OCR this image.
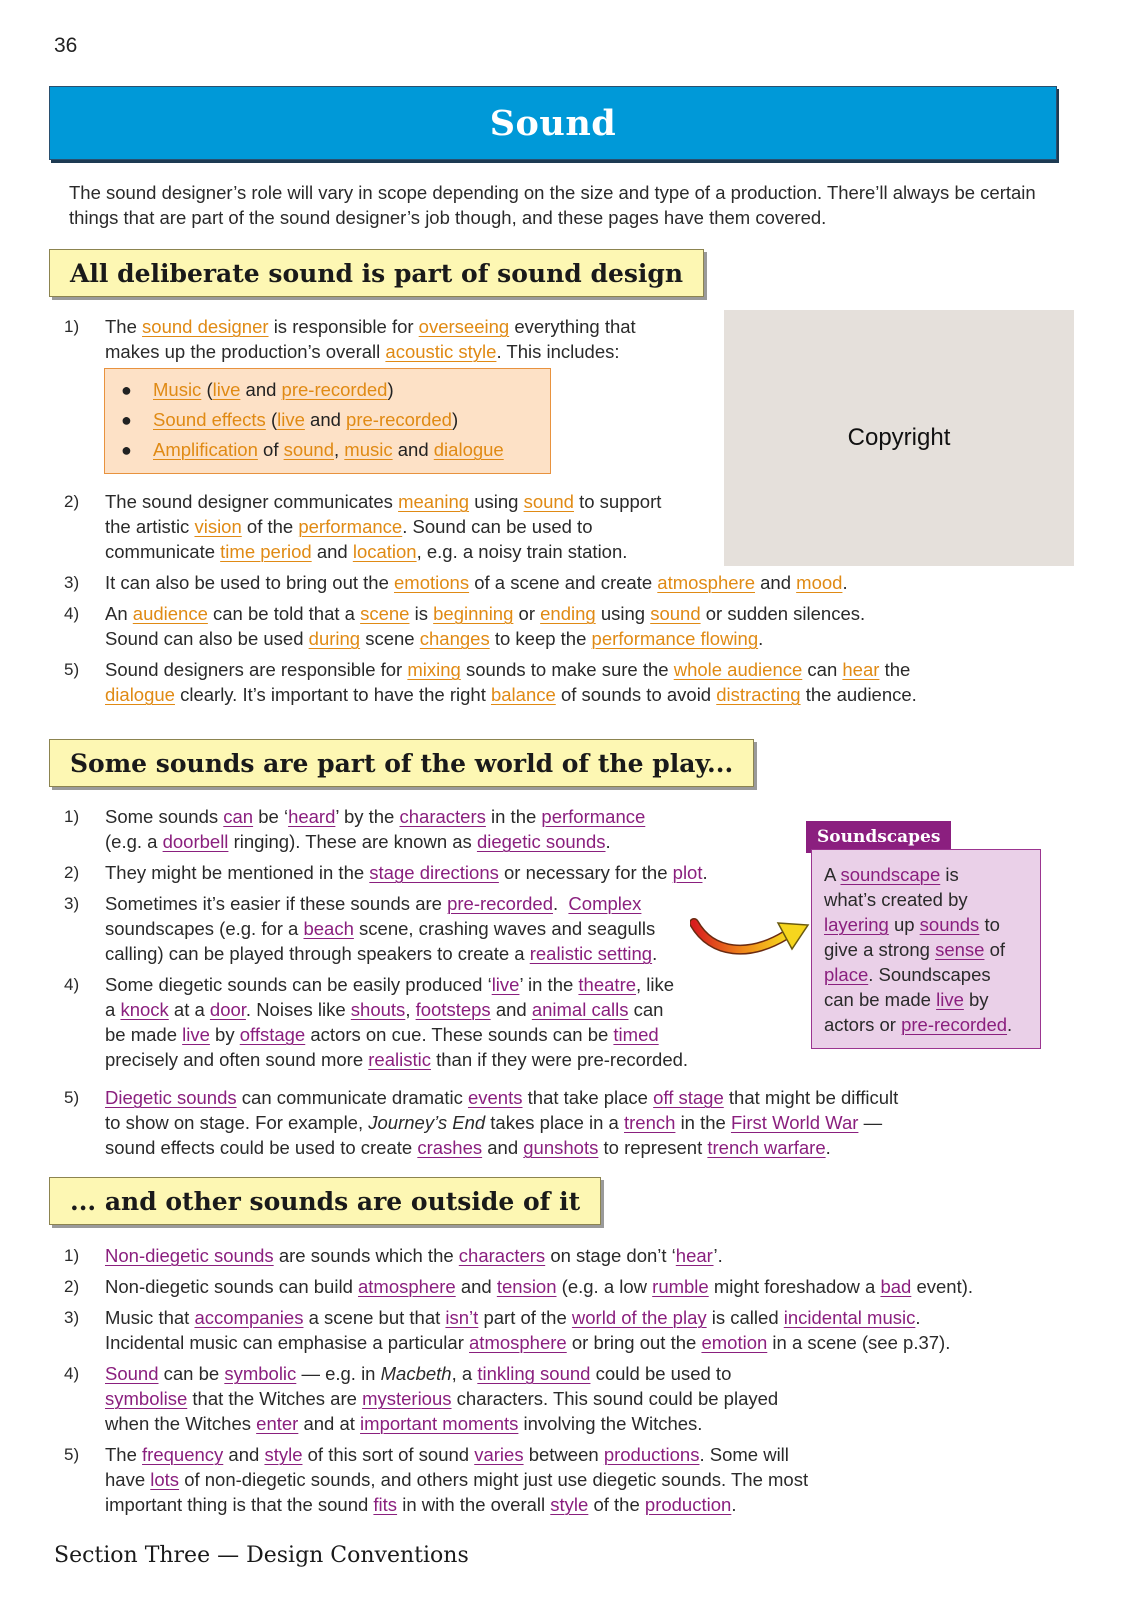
36
Sound
The sound designer’s role will vary in scope depending on the size and type of a production. There’ll always be certain things that are part of the sound designer’s job though, and these pages have them covered.
All deliberate sound is part of sound design
Copyright
1) The sound designer is responsible for overseeing everything that
makes up the production’s overall acoustic style. This includes:
● Music (live and pre-recorded)
● Sound effects (live and pre-recorded)
● Amplification of sound, music and dialogue
2) The sound designer communicates meaning using sound to support
the artistic vision of the performance. Sound can be used to
communicate time period and location, e.g. a noisy train station.
3) It can also be used to bring out the emotions of a scene and create atmosphere and mood.
4) An audience can be told that a scene is beginning or ending using sound or sudden silences.
Sound can also be used during scene changes to keep the performance flowing.
5) Sound designers are responsible for mixing sounds to make sure the whole audience can hear the
dialogue clearly. It’s important to have the right balance of sounds to avoid distracting the audience.
Some sounds are part of the world of the play...
1) Some sounds can be ‘heard’ by the characters in the performance
(e.g. a doorbell ringing). These are known as diegetic sounds.
2) They might be mentioned in the stage directions or necessary for the plot.
3) Sometimes it’s easier if these sounds are pre-recorded. Complex
soundscapes (e.g. for a beach scene, crashing waves and seagulls
calling) can be played through speakers to create a realistic setting.
4) Some diegetic sounds can be easily produced ‘live’ in the theatre, like
a knock at a door. Noises like shouts, footsteps and animal calls can
be made live by offstage actors on cue. These sounds can be timed
precisely and often sound more realistic than if they were pre-recorded.
5) Diegetic sounds can communicate dramatic events that take place off stage that might be difficult
to show on stage. For example, Journey’s End takes place in a trench in the First World War —
sound effects could be used to create crashes and gunshots to represent trench warfare.
Soundscapes
A soundscape is
what’s created by
layering up sounds to
give a strong sense of
place. Soundscapes
can be made live by
actors or pre-recorded.
... and other sounds are outside of it
1) Non-diegetic sounds are sounds which the characters on stage don’t ‘hear’.
2) Non-diegetic sounds can build atmosphere and tension (e.g. a low rumble might foreshadow a bad event).
3) Music that accompanies a scene but that isn’t part of the world of the play is called incidental music.
Incidental music can emphasise a particular atmosphere or bring out the emotion in a scene (see p.37).
4) Sound can be symbolic — e.g. in Macbeth, a tinkling sound could be used to
symbolise that the Witches are mysterious characters. This sound could be played
when the Witches enter and at important moments involving the Witches.
5) The frequency and style of this sort of sound varies between productions. Some will
have lots of non-diegetic sounds, and others might just use diegetic sounds. The most
important thing is that the sound fits in with the overall style of the production.
Section Three — Design Conventions
